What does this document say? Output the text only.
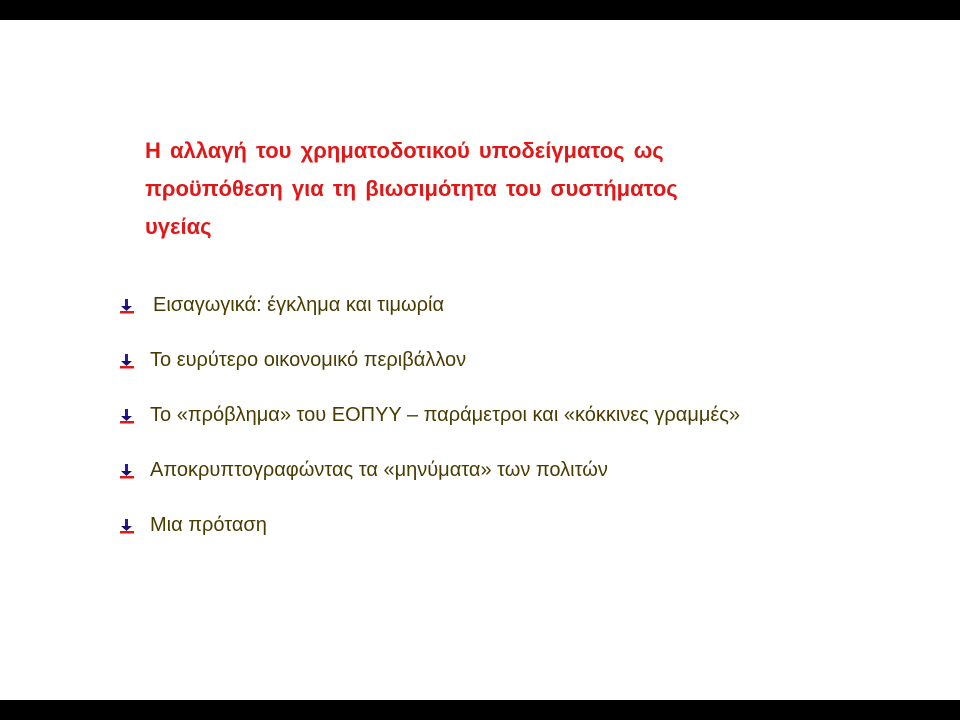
Η αλλαγή του χρηματοδοτικού υποδείγματος ως
προϋπόθεση για τη βιωσιμότητα του συστήματος
υγείας
Εισαγωγικά: έγκλημα και τιμωρία
Το ευρύτερο οικονομικό περιβάλλον
Το «πρόβλημα» του ΕΟΠΥΥ – παράμετροι και «κόκκινες γραμμές»
Αποκρυπτογραφώντας τα «μηνύματα» των πολιτών
Μια πρόταση
